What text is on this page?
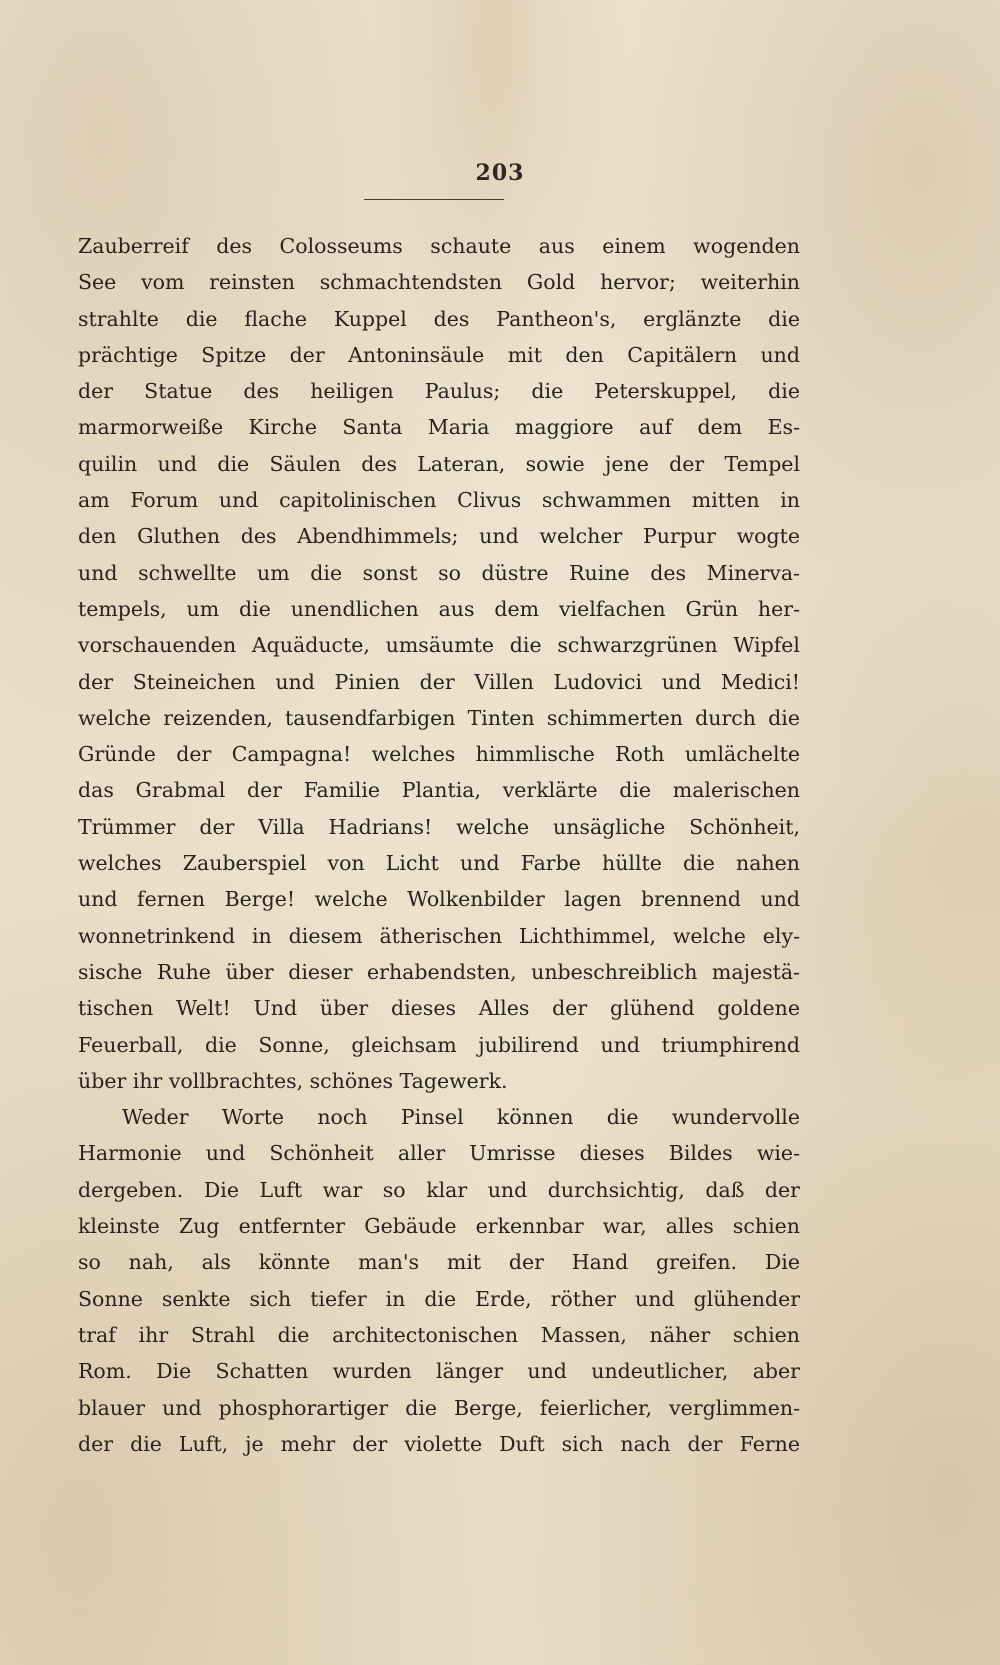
203
Zauberreif des Colosseums schaute aus einem wogenden
See vom reinsten schmachtendsten Gold hervor; weiterhin
strahlte die flache Kuppel des Pantheon's, erglänzte die
prächtige Spitze der Antoninsäule mit den Capitälern und
der Statue des heiligen Paulus; die Peterskuppel, die
marmorweiße Kirche Santa Maria maggiore auf dem Es-
quilin und die Säulen des Lateran, sowie jene der Tempel
am Forum und capitolinischen Clivus schwammen mitten in
den Gluthen des Abendhimmels; und welcher Purpur wogte
und schwellte um die sonst so düstre Ruine des Minerva-
tempels, um die unendlichen aus dem vielfachen Grün her-
vorschauenden Aquäducte, umsäumte die schwarzgrünen Wipfel
der Steineichen und Pinien der Villen Ludovici und Medici!
welche reizenden, tausendfarbigen Tinten schimmerten durch die
Gründe der Campagna! welches himmlische Roth umlächelte
das Grabmal der Familie Plantia, verklärte die malerischen
Trümmer der Villa Hadrians! welche unsägliche Schönheit,
welches Zauberspiel von Licht und Farbe hüllte die nahen
und fernen Berge! welche Wolkenbilder lagen brennend und
wonnetrinkend in diesem ätherischen Lichthimmel, welche ely-
sische Ruhe über dieser erhabendsten, unbeschreiblich majestä-
tischen Welt! Und über dieses Alles der glühend goldene
Feuerball, die Sonne, gleichsam jubilirend und triumphirend
über ihr vollbrachtes, schönes Tagewerk.
Weder Worte noch Pinsel können die wundervolle
Harmonie und Schönheit aller Umrisse dieses Bildes wie-
dergeben. Die Luft war so klar und durchsichtig, daß der
kleinste Zug entfernter Gebäude erkennbar war, alles schien
so nah, als könnte man's mit der Hand greifen. Die
Sonne senkte sich tiefer in die Erde, röther und glühender
traf ihr Strahl die architectonischen Massen, näher schien
Rom. Die Schatten wurden länger und undeutlicher, aber
blauer und phosphorartiger die Berge, feierlicher, verglimmen-
der die Luft, je mehr der violette Duft sich nach der Ferne
